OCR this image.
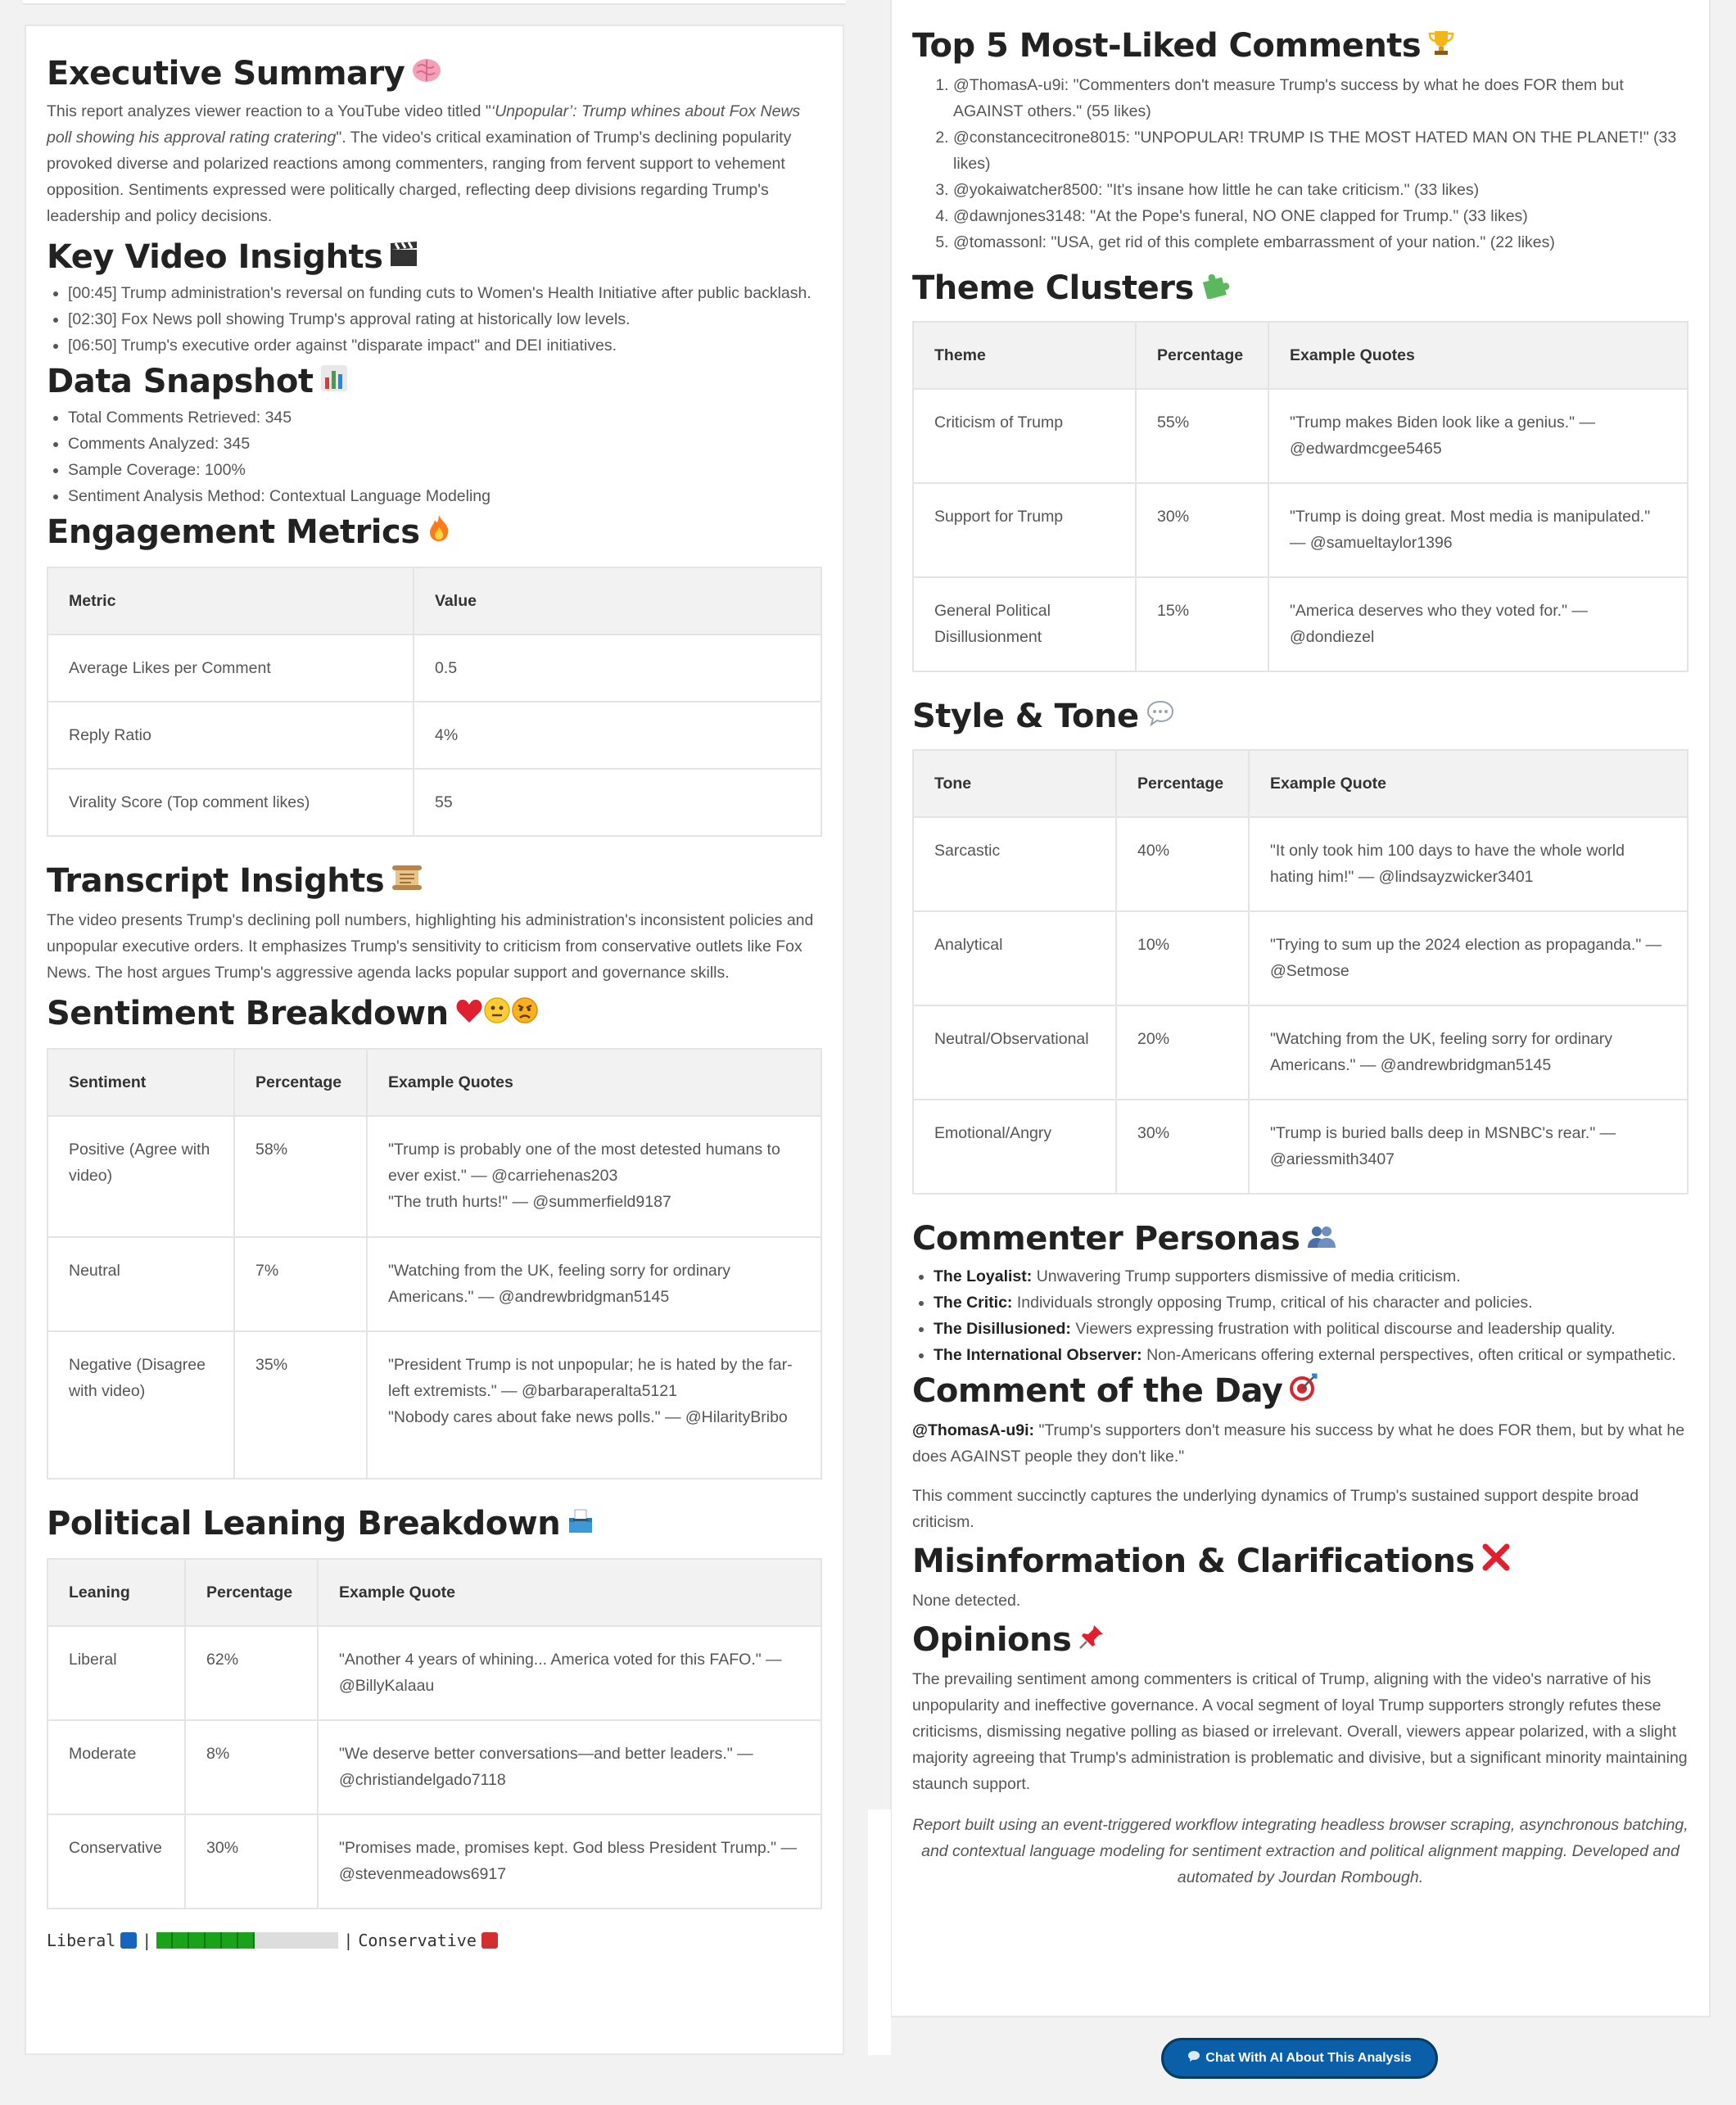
Executive Summary

This report analyzes viewer reaction to a YouTube video titled "‘Unpopular’: Trump whines about Fox News poll showing his approval rating cratering". The video's critical examination of Trump's declining popularity provoked diverse and polarized reactions among commenters, ranging from fervent support to vehement opposition. Sentiments expressed were politically charged, reflecting deep divisions regarding Trump's leadership and policy decisions.

Key Video Insights
• [00:45] Trump administration's reversal on funding cuts to Women's Health Initiative after public backlash.
• [02:30] Fox News poll showing Trump's approval rating at historically low levels.
• [06:50] Trump's executive order against "disparate impact" and DEI initiatives.
Data Snapshot
• Total Comments Retrieved: 345
• Comments Analyzed: 345
• Sample Coverage: 100%
• Sentiment Analysis Method: Contextual Language Modeling
Engagement Metrics
Metric	Value
Average Likes per Comment	0.5
Reply Ratio	4%
Virality Score (Top comment likes)	55
Transcript Insights

The video presents Trump's declining poll numbers, highlighting his administration's inconsistent policies and unpopular executive orders. It emphasizes Trump's sensitivity to criticism from conservative outlets like Fox News. The host argues Trump's aggressive agenda lacks popular support and governance skills.

Sentiment Breakdown
Sentiment	Percentage	Example Quotes
Positive (Agree with video)	58%	"Trump is probably one of the most detested humans to ever exist." — @carriehenas203
"The truth hurts!" — @summerfield9187

Neutral	7%	"Watching from the UK, feeling sorry for ordinary Americans." — @andrewbridgman5145

Negative (Disagree with video)	35%	"President Trump is not unpopular; he is hated by the far-left extremists." — @barbaraperalta5121
"Nobody cares about fake news polls." — @HilarityBribo
Political Leaning Breakdown
Leaning	Percentage	Example Quote
Liberal	62%	"Another 4 years of whining... America voted for this FAFO." — @BillyKalaau
Moderate	8%	"We deserve better conversations—and better leaders." — @christiandelgado7118
Conservative	30%	"Promises made, promises kept. God bless President Trump." — @stevenmeadows6917
Liberal |	| Conservative
Top 5 Most-Liked Comments
1. @ThomasA-u9i: "Commenters don't measure Trump's success by what he does FOR them but AGAINST others." (55 likes)
2. @constancecitrone8015: "UNPOPULAR! TRUMP IS THE MOST HATED MAN ON THE PLANET!" (33 likes)
3. @yokaiwatcher8500: "It's insane how little he can take criticism." (33 likes)
4. @dawnjones3148: "At the Pope's funeral, NO ONE clapped for Trump." (33 likes)
5. @tomassonl: "USA, get rid of this complete embarrassment of your nation." (22 likes)
Theme Clusters
Theme	Percentage	Example Quotes
Criticism of Trump	55%	"Trump makes Biden look like a genius." — @edwardmcgee5465
Support for Trump	30%	"Trump is doing great. Most media is manipulated." — @samueltaylor1396
General Political Disillusionment	15%	"America deserves who they voted for." — @dondiezel
Style & Tone
Tone	Percentage	Example Quote
Sarcastic	40%	"It only took him 100 days to have the whole world hating him!" — @lindsayzwicker3401
Analytical	10%	"Trying to sum up the 2024 election as propaganda." — @Setmose
Neutral/Observational	20%	"Watching from the UK, feeling sorry for ordinary Americans." — @andrewbridgman5145
Emotional/Angry	30%	"Trump is buried balls deep in MSNBC's rear." — @ariessmith3407
Commenter Personas
• The Loyalist: Unwavering Trump supporters dismissive of media criticism.
• The Critic: Individuals strongly opposing Trump, critical of his character and policies.
• The Disillusioned: Viewers expressing frustration with political discourse and leadership quality.
• The International Observer: Non-Americans offering external perspectives, often critical or sympathetic.
Comment of the Day

@ThomasA-u9i: "Trump's supporters don't measure his success by what he does FOR them, but by what he does AGAINST people they don't like."

This comment succinctly captures the underlying dynamics of Trump's sustained support despite broad criticism.

Misinformation & Clarifications

None detected.

Opinions

The prevailing sentiment among commenters is critical of Trump, aligning with the video's narrative of his unpopularity and ineffective governance. A vocal segment of loyal Trump supporters strongly refutes these criticisms, dismissing negative polling as biased or irrelevant. Overall, viewers appear polarized, with a slight majority agreeing that Trump's administration is problematic and divisive, but a significant minority maintaining staunch support.

Report built using an event-triggered workflow integrating headless browser scraping, asynchronous batching, and contextual language modeling for sentiment extraction and political alignment mapping. Developed and automated by Jourdan Rombough.

Chat With AI About This Analysis
